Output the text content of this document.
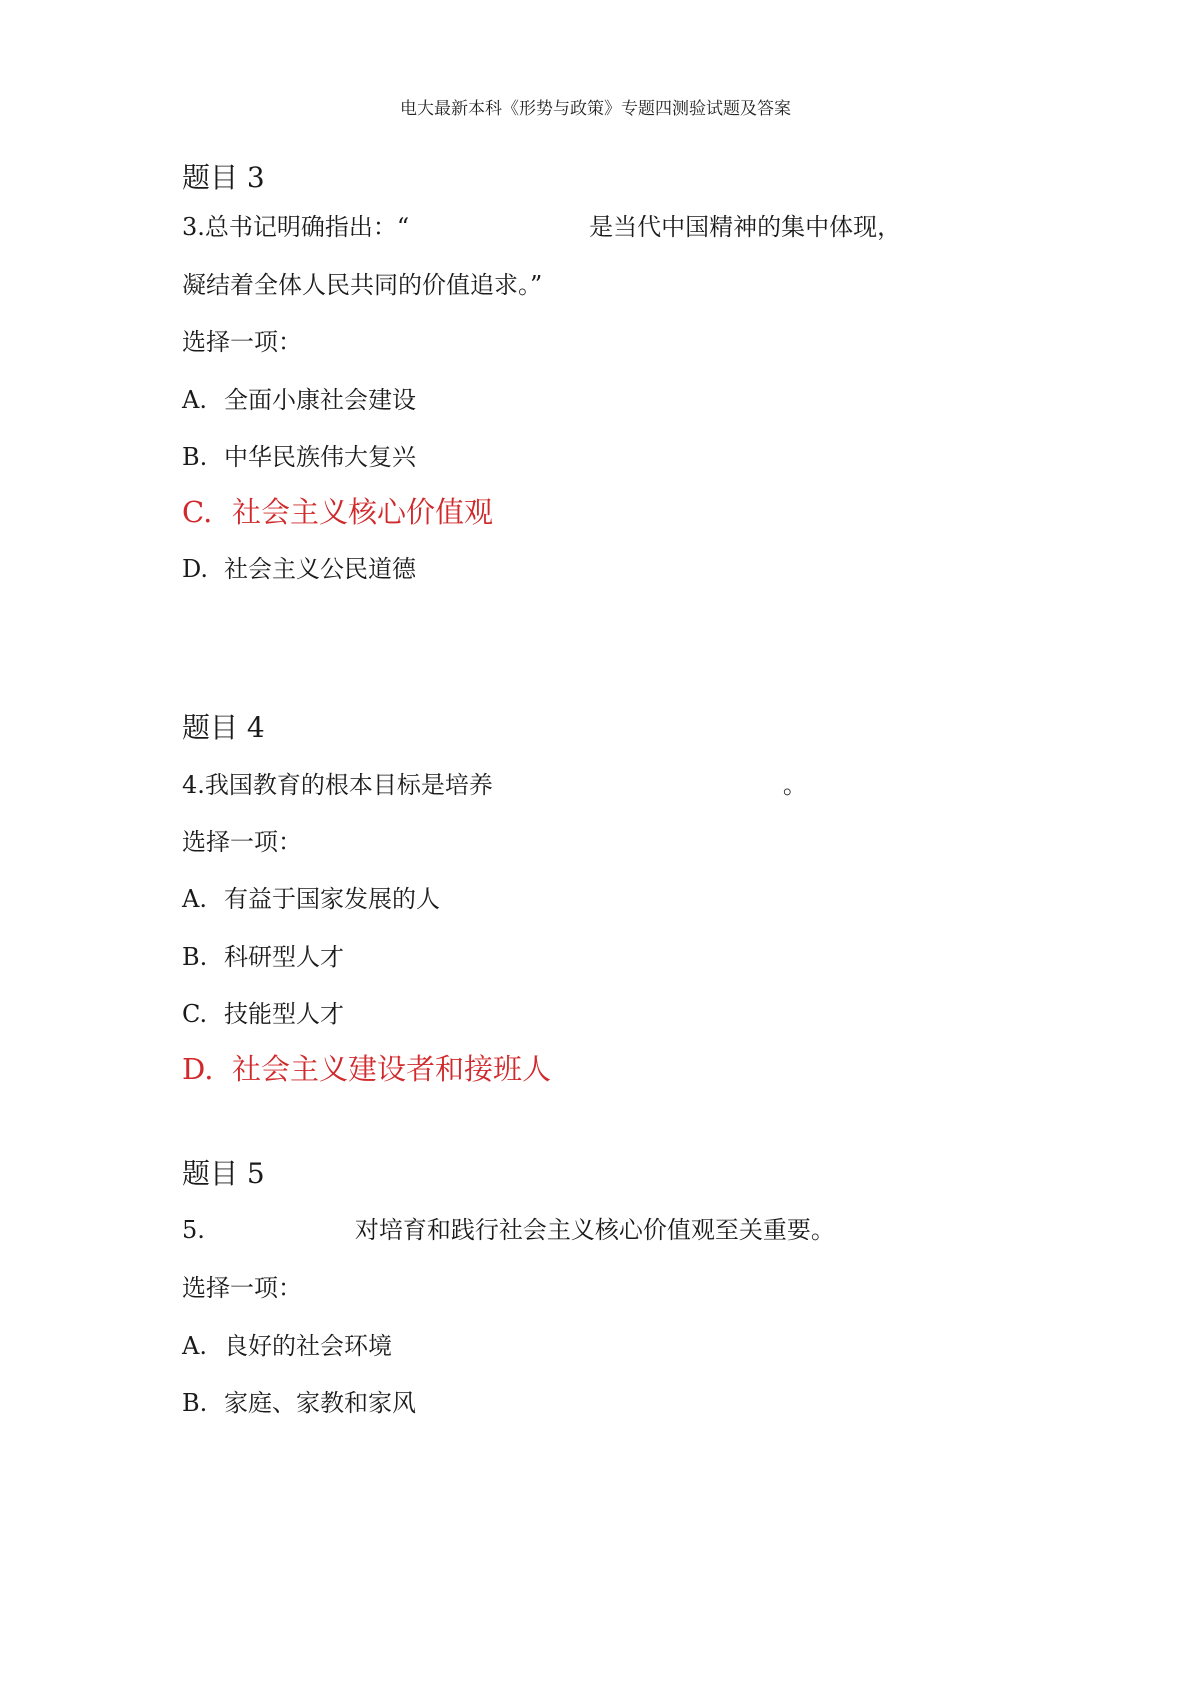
电大最新本科《形势与政策》专题四测验试题及答案
题目 3
3.总书记明确指出：“	是当代中国精神的集中体现，
凝结着全体人民共同的价值追求。”
选择一项：
A. 全面小康社会建设
B. 中华民族伟大复兴
C. 社会主义核心价值观
D. 社会主义公民道德
题目 4
4.我国教育的根本目标是培养	。
选择一项：
A. 有益于国家发展的人
B. 科研型人才
C. 技能型人才
D. 社会主义建设者和接班人
题目 5
5.	对培育和践行社会主义核心价值观至关重要。
选择一项：
A. 良好的社会环境
B. 家庭、家教和家风
